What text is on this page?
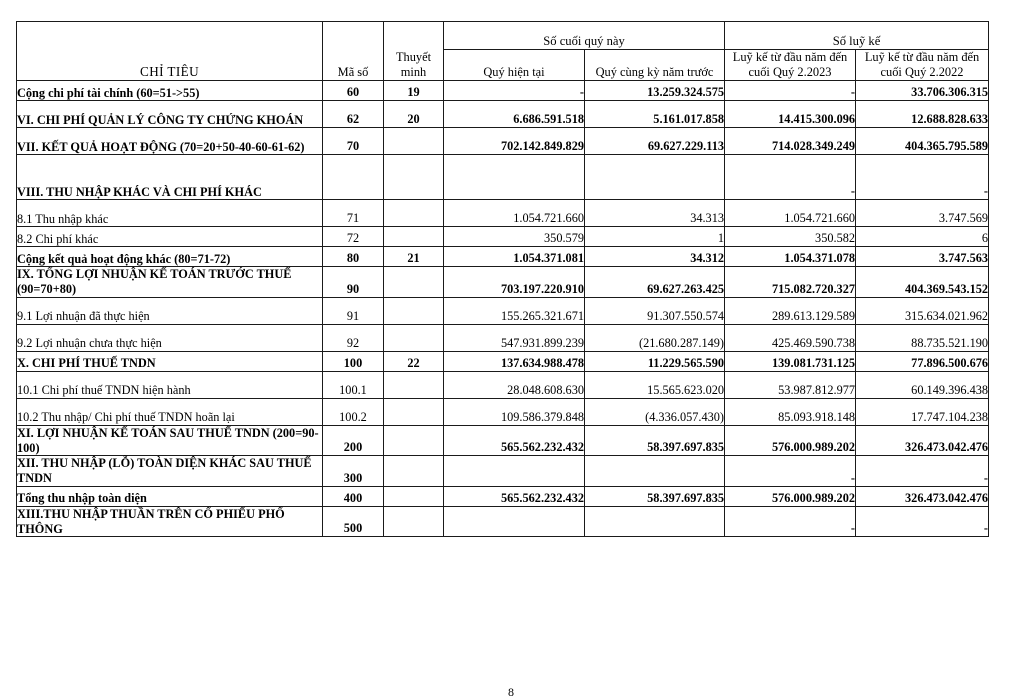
CHỈ TIÊU	Mã số	Thuyết minh	Số cuối quý này		Số luỹ kế	
			Quý hiện tại	Quý cùng kỳ năm trước	Luỹ kế từ đầu năm đến cuối Quý 2.2023	Luỹ kế từ đầu năm đến cuối Quý 2.2022
Cộng chi phí tài chính (60=51->55)	60	19	-	13.259.324.575	-	33.706.306.315
VI. CHI PHÍ QUẢN LÝ CÔNG TY CHỨNG KHOÁN	62	20	6.686.591.518	5.161.017.858	14.415.300.096	12.688.828.633
VII. KẾT QUẢ HOẠT ĐỘNG (70=20+50-40-60-61-62)	70		702.142.849.829	69.627.229.113	714.028.349.249	404.365.795.589
VIII. THU NHẬP KHÁC VÀ CHI PHÍ KHÁC					-	-
8.1 Thu nhập khác	71		1.054.721.660	34.313	1.054.721.660	3.747.569
8.2 Chi phí khác	72		350.579	1	350.582	6
Cộng kết quả hoạt động khác (80=71-72)	80	21	1.054.371.081	34.312	1.054.371.078	3.747.563
IX. TỔNG LỢI NHUẬN KẾ TOÁN TRƯỚC THUẾ (90=70+80)	90		703.197.220.910	69.627.263.425	715.082.720.327	404.369.543.152
9.1 Lợi nhuận đã thực hiện	91		155.265.321.671	91.307.550.574	289.613.129.589	315.634.021.962
9.2 Lợi nhuận chưa thực hiện	92		547.931.899.239	(21.680.287.149)	425.469.590.738	88.735.521.190
X. CHI PHÍ THUẾ TNDN	100	22	137.634.988.478	11.229.565.590	139.081.731.125	77.896.500.676
10.1 Chi phí thuế TNDN hiện hành	100.1		28.048.608.630	15.565.623.020	53.987.812.977	60.149.396.438
10.2 Thu nhập/ Chi phí thuế TNDN hoãn lại	100.2		109.586.379.848	(4.336.057.430)	85.093.918.148	17.747.104.238
XI. LỢI NHUẬN KẾ TOÁN SAU THUẾ TNDN (200=90-100)	200		565.562.232.432	58.397.697.835	576.000.989.202	326.473.042.476
XII. THU NHẬP (LỖ) TOÀN DIỆN KHÁC SAU THUẾ TNDN	300				-	-
Tổng thu nhập toàn diện	400		565.562.232.432	58.397.697.835	576.000.989.202	326.473.042.476
XIII.THU NHẬP THUẦN TRÊN CỔ PHIẾU PHỔ THÔNG	500				-	-
8
